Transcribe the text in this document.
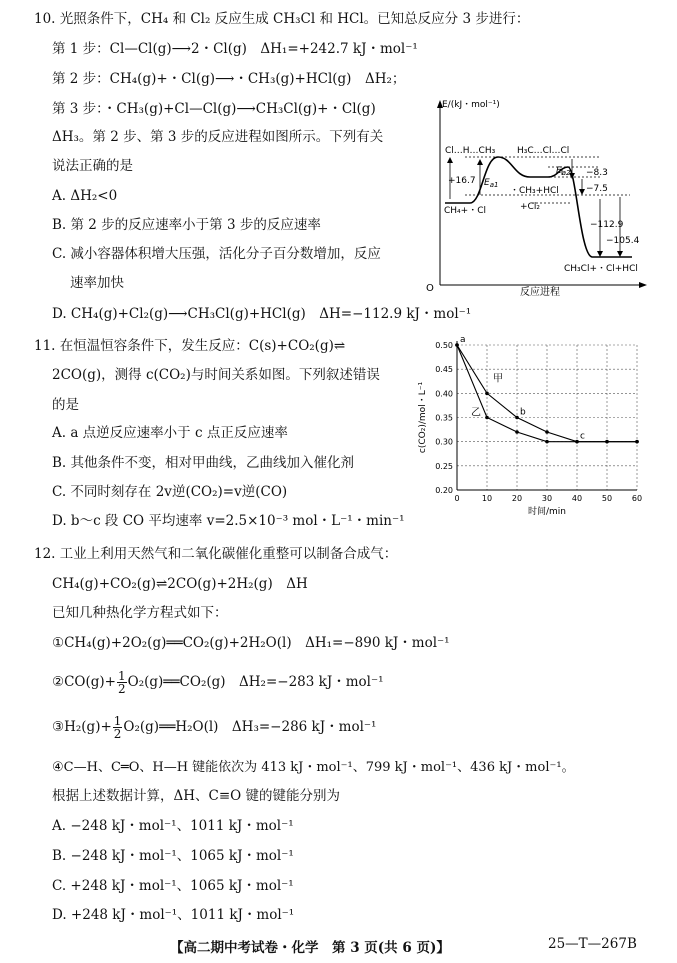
10. 光照条件下，CH₄ 和 Cl₂ 反应生成 CH₃Cl 和 HCl。已知总反应分 3 步进行：
第 1 步：Cl—Cl(g)⟶2・Cl(g)　ΔH₁=+242.7 kJ・mol⁻¹
第 2 步：CH₄(g)+・Cl(g)⟶・CH₃(g)+HCl(g)　ΔH₂；
第 3 步：・CH₃(g)+Cl—Cl(g)⟶CH₃Cl(g)+・Cl(g)
ΔH₃。第 2 步、第 3 步的反应进程如图所示。下列有关
说法正确的是
A. ΔH₂<0
B. 第 2 步的反应速率小于第 3 步的反应速率
C. 减小容器体积增大压强，活化分子百分数增加，反应
速率加快
D. CH₄(g)+Cl₂(g)⟶CH₃Cl(g)+HCl(g)　ΔH=−112.9 kJ・mol⁻¹
E/(kJ・mol⁻¹)
O	反应进程
Cl…H…CH₃ H₃C…Cl…Cl
+16.7 $E_{a1}$
$E_{a2} -8.3$
−7.5
CH₄+・Cl
・CH₃+HCl
+Cl₂
−112.9
−105.4
CH₃Cl+・Cl+HCl
11. 在恒温恒容条件下，发生反应：C(s)+CO₂(g)⇌
2CO(g)，测得 c(CO₂)与时间关系如图。下列叙述错误
的是
A. a 点逆反应速率小于 c 点正反应速率
B. 其他条件不变，相对甲曲线，乙曲线加入催化剂
C. 不同时刻存在 2v逆(CO₂)=v逆(CO)
D. b～c 段 CO 平均速率 v=2.5×10⁻³ mol・L⁻¹・min⁻¹
0.20
0.25
0.30
0.35
0.40
0.45
0.50
0	10 20 30 40 50 60
时间/min
c(CO₂)/mol・L⁻¹
甲
乙
a
b
c
12. 工业上利用天然气和二氧化碳催化重整可以制备合成气：
CH₄(g)+CO₂(g)⇌2CO(g)+2H₂(g)　ΔH
已知几种热化学方程式如下：
①CH₄(g)+2O₂(g)══CO₂(g)+2H₂O(l)　ΔH₁=−890 kJ・mol⁻¹
②CO(g)+ $\frac{1}{2}$ O₂(g)══CO₂(g)　ΔH₂=−283 kJ・mol⁻¹
③H₂(g)+ $\frac{1}{2}$ O₂(g)══H₂O(l)　ΔH₃=−286 kJ・mol⁻¹
④C—H、C═O、H—H 键能依次为 413 kJ・mol⁻¹、799 kJ・mol⁻¹、436 kJ・mol⁻¹。
根据上述数据计算，ΔH、C≡O 键的键能分别为
A. −248 kJ・mol⁻¹、1011 kJ・mol⁻¹
B. −248 kJ・mol⁻¹、1065 kJ・mol⁻¹
C. +248 kJ・mol⁻¹、1065 kJ・mol⁻¹
D. +248 kJ・mol⁻¹、1011 kJ・mol⁻¹
【高二期中考试卷・化学　第 3 页(共 6 页)】	25—T—267B
